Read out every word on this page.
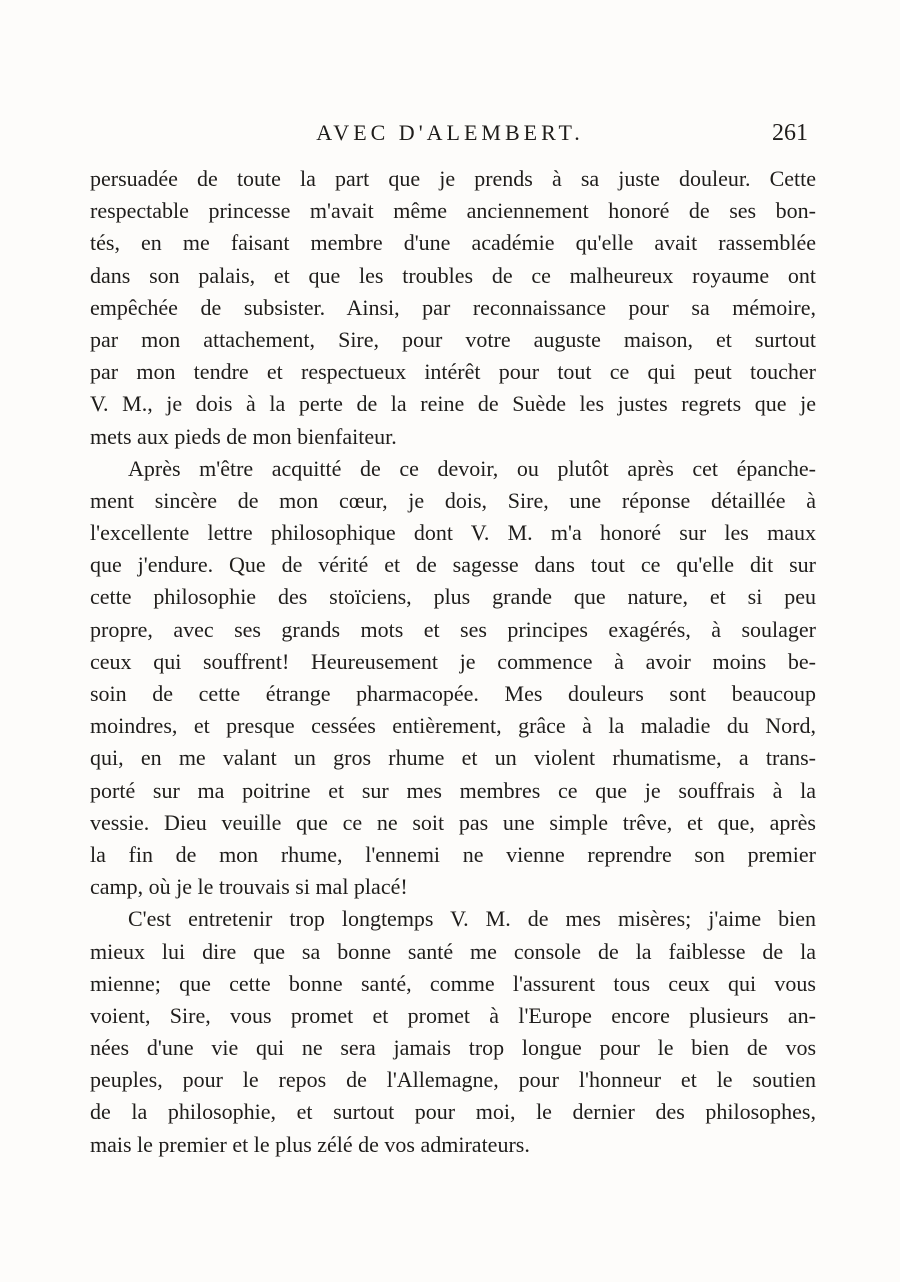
AVEC D'ALEMBERT.	261
persuadée de toute la part que je prends à sa juste douleur. Cette
respectable princesse m'avait même anciennement honoré de ses bon-
tés, en me faisant membre d'une académie qu'elle avait rassemblée
dans son palais, et que les troubles de ce malheureux royaume ont
empêchée de subsister. Ainsi, par reconnaissance pour sa mémoire,
par mon attachement, Sire, pour votre auguste maison, et surtout
par mon tendre et respectueux intérêt pour tout ce qui peut toucher
V. M., je dois à la perte de la reine de Suède les justes regrets que je
mets aux pieds de mon bienfaiteur.
Après m'être acquitté de ce devoir, ou plutôt après cet épanche-
ment sincère de mon cœur, je dois, Sire, une réponse détaillée à
l'excellente lettre philosophique dont V. M. m'a honoré sur les maux
que j'endure. Que de vérité et de sagesse dans tout ce qu'elle dit sur
cette philosophie des stoïciens, plus grande que nature, et si peu
propre, avec ses grands mots et ses principes exagérés, à soulager
ceux qui souffrent! Heureusement je commence à avoir moins be-
soin de cette étrange pharmacopée. Mes douleurs sont beaucoup
moindres, et presque cessées entièrement, grâce à la maladie du Nord,
qui, en me valant un gros rhume et un violent rhumatisme, a trans-
porté sur ma poitrine et sur mes membres ce que je souffrais à la
vessie. Dieu veuille que ce ne soit pas une simple trêve, et que, après
la fin de mon rhume, l'ennemi ne vienne reprendre son premier
camp, où je le trouvais si mal placé!
C'est entretenir trop longtemps V. M. de mes misères; j'aime bien
mieux lui dire que sa bonne santé me console de la faiblesse de la
mienne; que cette bonne santé, comme l'assurent tous ceux qui vous
voient, Sire, vous promet et promet à l'Europe encore plusieurs an-
nées d'une vie qui ne sera jamais trop longue pour le bien de vos
peuples, pour le repos de l'Allemagne, pour l'honneur et le soutien
de la philosophie, et surtout pour moi, le dernier des philosophes,
mais le premier et le plus zélé de vos admirateurs.
